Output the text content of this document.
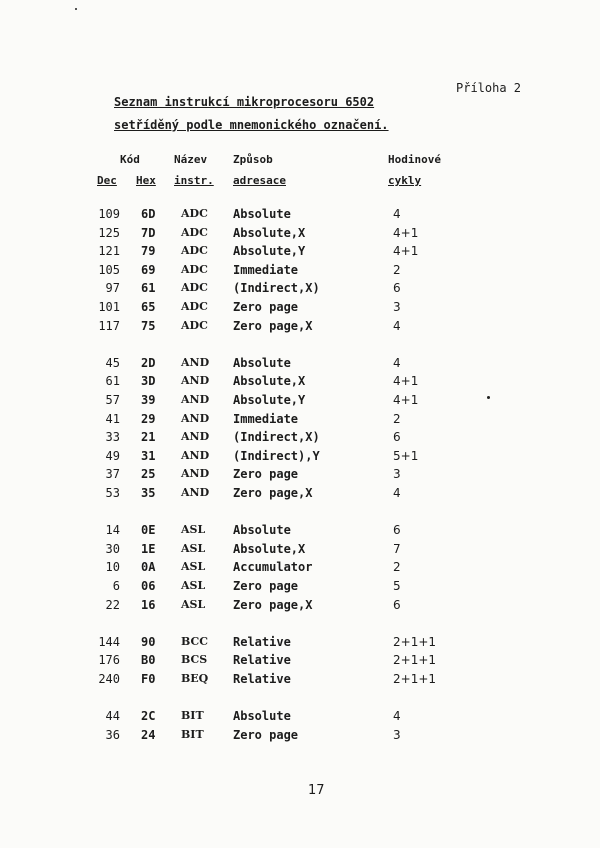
Příloha 2
Seznam instrukcí mikroprocesoru 6502
setříděný podle mnemonického označení.
Kód	Název Způsob	Hodinové
Dec Hex instr. adresace	cykly
109 6D ADC Absolute	4
125 7D ADC Absolute,X	4+1
121 79 ADC Absolute,Y	4+1
105 69 ADC Immediate	2
97 61 ADC (Indirect,X)	6
101 65 ADC Zero page	3
117 75 ADC Zero page,X	4
45 2D AND Absolute	4
61 3D AND Absolute,X	4+1
57 39 AND Absolute,Y	4+1
41 29 AND Immediate	2
33 21 AND (Indirect,X)	6
49 31 AND (Indirect),Y	5+1
37 25 AND Zero page	3
53 35 AND Zero page,X	4
14 0E ASL Absolute	6
30 1E ASL Absolute,X	7
10 0A ASL Accumulator	2
6 06 ASL Zero page	5
22 16 ASL Zero page,X	6
144 90 BCC Relative	2+1+1
176 B0 BCS Relative	2+1+1
240 F0 BEQ Relative	2+1+1
44 2C BIT Absolute	4
36 24 BIT Zero page	3
17
